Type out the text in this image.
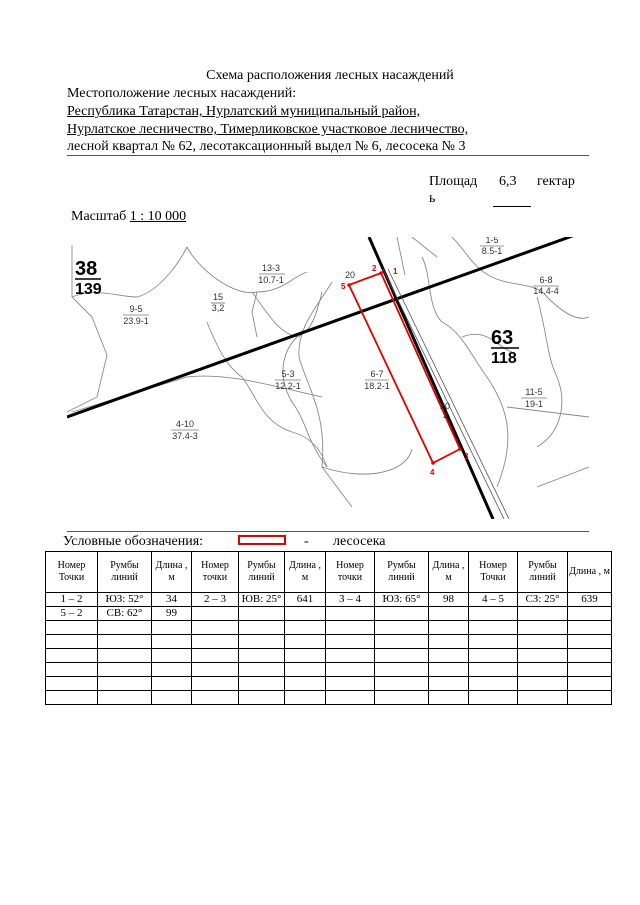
Схема расположения лесных насаждений
Местоположение лесных насаждений:
Республика Татарстан, Нурлатский муниципальный район,
Нурлатское лесничество, Тимерликовское участковое лесничество,
лесной квартал № 62, лесотаксационный выдел № 6, лесосека № 3
Площад
ь
6,3 гектар
Масштаб 1 : 10 000
38
139
63
118
13-3
10.7-1
9-5
23.9-1
15
3,2
5-3
12.2-1
6-7
18.2-1
4-10
37.4-3
1-5
8.5-1
6-8
14.4-4
11-5
19-1
20
20
2
1
2
3
4
5
Условные обозначения:	- лесосека
Номер Точки	Румбы линий	Длина , м	Номер точки	Румбы линий	Длина , м	Номер точки	Румбы линий	Длина , м	Номер Точки	Румбы линий	Длина , м
1 – 2	ЮЗ: 52°	34	2 – 3	ЮВ: 25°	641	3 – 4	ЮЗ: 65°	98	4 – 5	СЗ: 25°	639
5 – 2	СВ: 62°	99									
